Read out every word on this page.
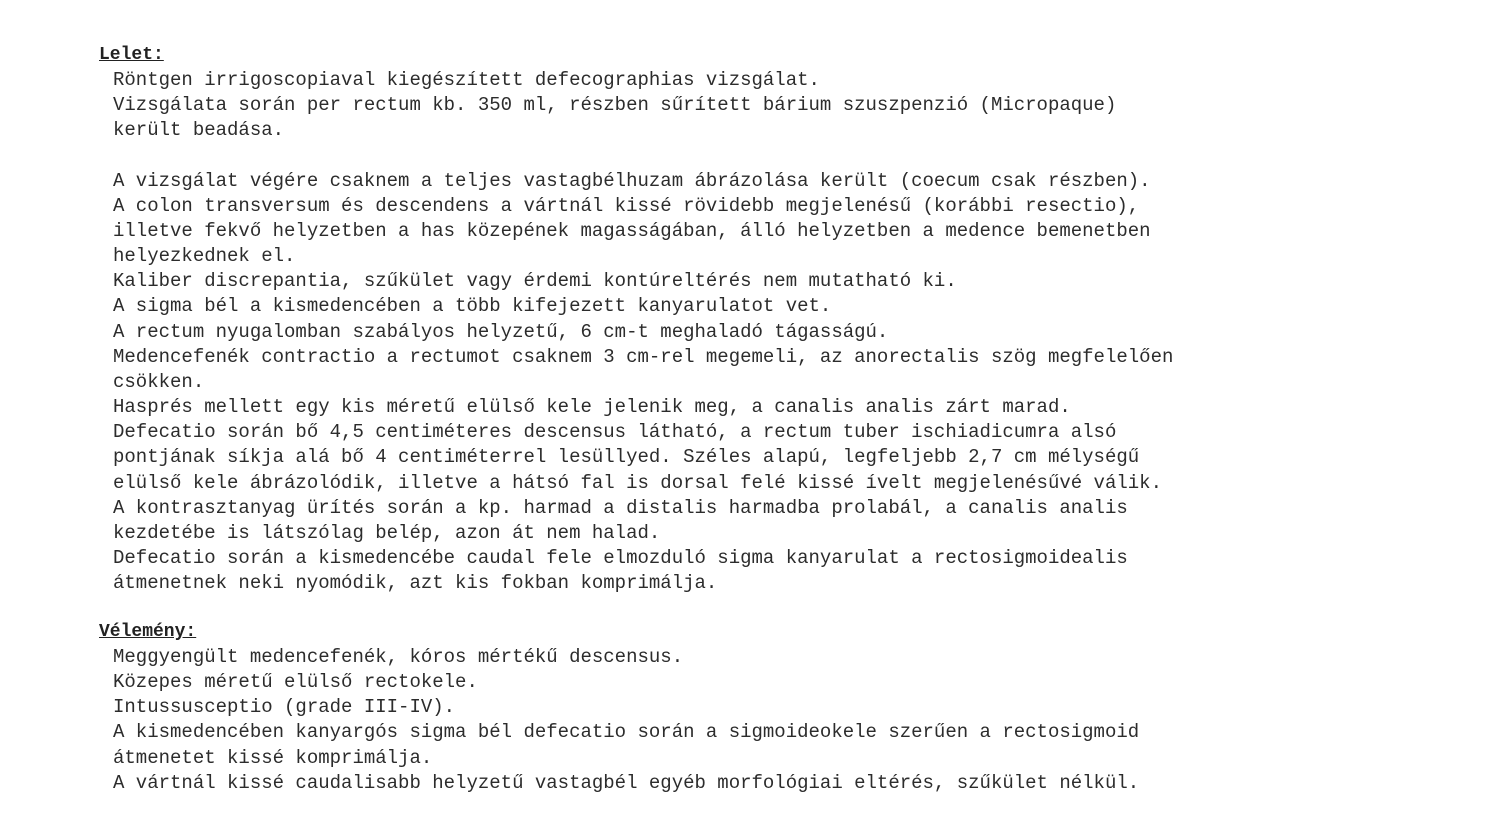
Lelet:
Röntgen irrigoscopiaval kiegészített defecographias vizsgálat.
Vizsgálata során per rectum kb. 350 ml, részben sűrített bárium szuszpenzió (Micropaque)
került beadása.
A vizsgálat végére csaknem a teljes vastagbélhuzam ábrázolása került (coecum csak részben).
A colon transversum és descendens a vártnál kissé rövidebb megjelenésű (korábbi resectio),
illetve fekvő helyzetben a has közepének magasságában, álló helyzetben a medence bemenetben
helyezkednek el.
Kaliber discrepantia, szűkület vagy érdemi kontúreltérés nem mutatható ki.
A sigma bél a kismedencében a több kifejezett kanyarulatot vet.
A rectum nyugalomban szabályos helyzetű, 6 cm-t meghaladó tágasságú.
Medencefenék contractio a rectumot csaknem 3 cm-rel megemeli, az anorectalis szög megfelelően
csökken.
Hasprés mellett egy kis méretű elülső kele jelenik meg, a canalis analis zárt marad.
Defecatio során bő 4,5 centiméteres descensus látható, a rectum tuber ischiadicumra alsó
pontjának síkja alá bő 4 centiméterrel lesüllyed. Széles alapú, legfeljebb 2,7 cm mélységű
elülső kele ábrázolódik, illetve a hátsó fal is dorsal felé kissé ívelt megjelenésűvé válik.
A kontrasztanyag ürítés során a kp. harmad a distalis harmadba prolabál, a canalis analis
kezdetébe is látszólag belép, azon át nem halad.
Defecatio során a kismedencébe caudal fele elmozduló sigma kanyarulat a rectosigmoidealis
átmenetnek neki nyomódik, azt kis fokban komprimálja.
Vélemény:
Meggyengült medencefenék, kóros mértékű descensus.
Közepes méretű elülső rectokele.
Intussusceptio (grade III-IV).
A kismedencében kanyargós sigma bél defecatio során a sigmoideokele szerűen a rectosigmoid
átmenetet kissé komprimálja.
A vártnál kissé caudalisabb helyzetű vastagbél egyéb morfológiai eltérés, szűkület nélkül.
